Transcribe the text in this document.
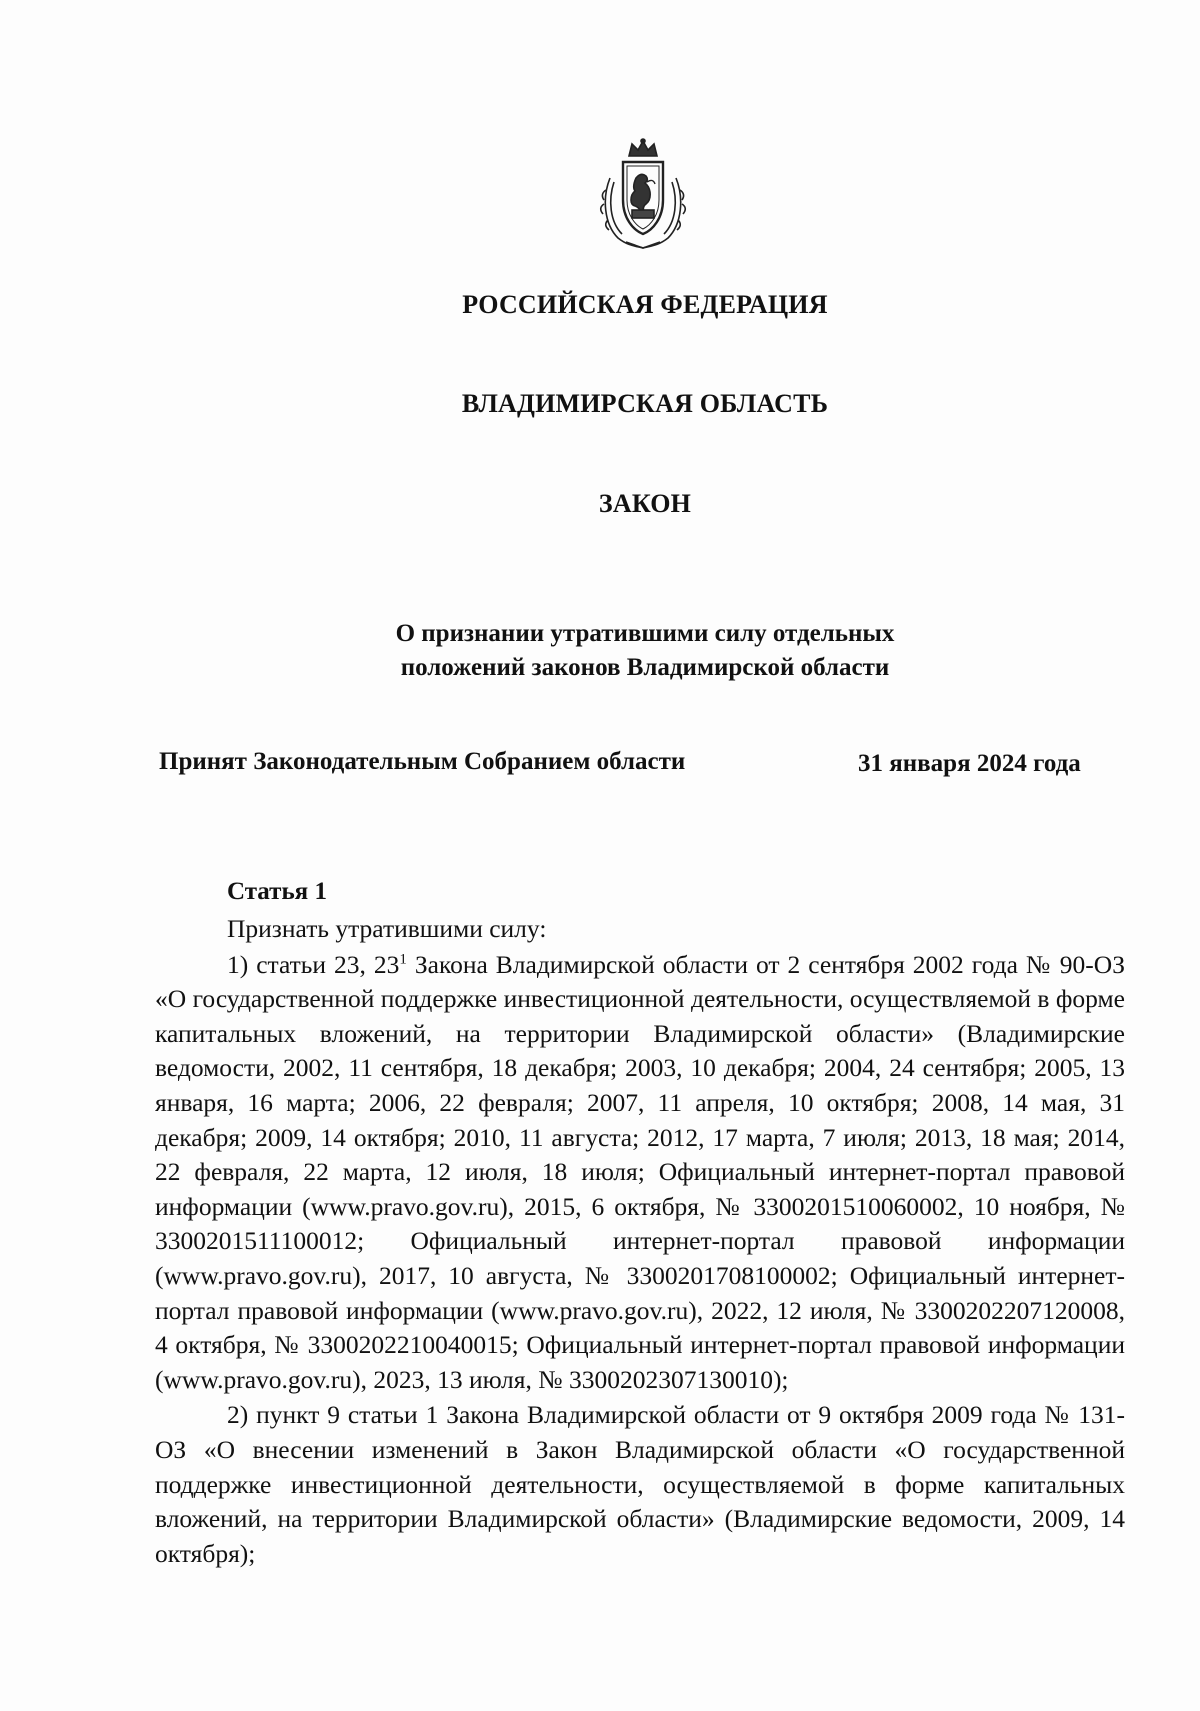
РОССИЙСКАЯ ФЕДЕРАЦИЯ
ВЛАДИМИРСКАЯ ОБЛАСТЬ
ЗАКОН
О признании утратившими силу отдельных
положений законов Владимирской области
Принят Законодательным Собранием области	31 января 2024 года
Статья 1

Признать утратившими силу:

1) статьи 23, $23^1$ Закона Владимирской области от 2 сентября 2002 года № 90-ОЗ «О государственной поддержке инвестиционной деятельности, осуществляемой в форме капитальных вложений, на территории Владимирской области» (Владимирские ведомости, 2002, 11 сентября, 18 декабря; 2003, 10 декабря; 2004, 24 сентября; 2005, 13 января, 16 марта; 2006, 22 февраля; 2007, 11 апреля, 10 октября; 2008, 14 мая, 31 декабря; 2009, 14 октября; 2010, 11 августа; 2012, 17 марта, 7 июля; 2013, 18 мая; 2014, 22 февраля, 22 марта, 12 июля, 18 июля; Официальный интернет-портал правовой информации (www.pravo.gov.ru), 2015, 6 октября, № 3300201510060002, 10 ноября, № 3300201511100012; Официальный интернет-портал правовой информации (www.pravo.gov.ru), 2017, 10 августа, № 3300201708100002; Официальный интернет-портал правовой информации (www.pravo.gov.ru), 2022, 12 июля, № 3300202207120008, 4 октября, № 3300202210040015; Официальный интернет-портал правовой информации (www.pravo.gov.ru), 2023, 13 июля, № 3300202307130010);

2) пункт 9 статьи 1 Закона Владимирской области от 9 октября 2009 года № 131-ОЗ «О внесении изменений в Закон Владимирской области «О государственной поддержке инвестиционной деятельности, осуществляемой в форме капитальных вложений, на территории Владимирской области» (Владимирские ведомости, 2009, 14 октября);
